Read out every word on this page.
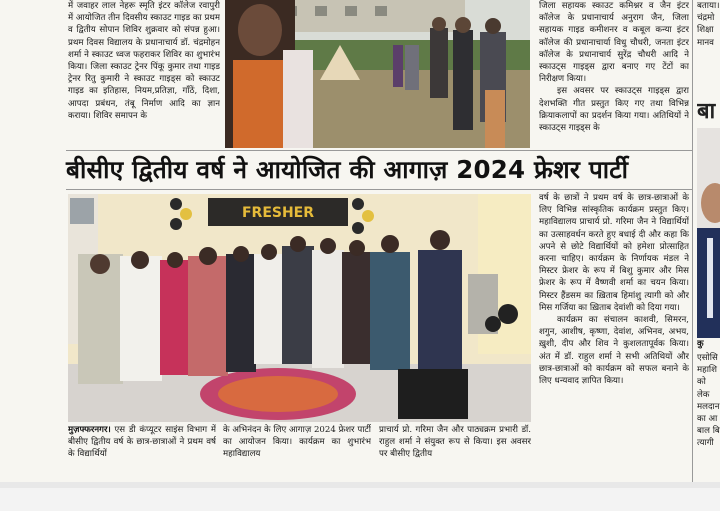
में जवाहर लाल नेहरू स्मृति इंटर कॉलेज रवापुरी में आयोजित तीन दिवसीय स्काउट गाइड का प्रथम व द्वितीय सोपान शिविर शुक्रवार को संपन्न हुआ। प्रथम दिवस विद्यालय के प्रधानाचार्य डॉ. चंद्रमोहन शर्मा ने स्काउट ध्वज फहराकर शिविर का शुभारंभ किया। जिला स्काउट ट्रेनर पिंकू कुमार तथा गाइड ट्रेनर रितु कुमारी ने स्काउट गाइड्स को स्काउट गाइड का इतिहास, नियम,प्रतिज्ञा, गाँठें, दिशा, आपदा प्रबंधन, तंबू निर्माण आदि का ज्ञान कराया। शिविर समापन के

जिला सहायक स्काउट कमिश्नर व जैन इंटर कॉलेज के प्रधानाचार्य अनुराग जैन, जिला सहायक गाइड कमीशनर व कबूल कन्या इंटर कॉलेज की प्रधानाचार्या विधु चौधरी, जनता इंटर कॉलेज के प्रधानाचार्य सुरेंद्र चौधरी आदि ने स्काउट्स गाइड्स द्वारा बनाए गए टेंटों का निरीक्षण किया।

इस अवसर पर स्काउट्स गाइड्स द्वारा देशभक्ति गीत प्रस्तुत किए गए तथा विभिन्न क्रियाकलापों का प्रदर्शन किया गया। अतिथियों ने स्काउट्स गाइड्स के

बीसीए द्वितीय वर्ष ने आयोजित की आगाज़ 2024 फ्रेशर पार्टी
FRESHER

वर्ष के छात्रों ने प्रथम वर्ष के छात्र-छात्राओं के लिए विभिन्न सांस्कृतिक कार्यक्रम प्रस्तुत किए। महाविद्यालय प्राचार्य प्रो. गरिमा जैन ने विद्यार्थियों का उत्साहवर्धन करते हुए बधाई दी और कहा कि अपने से छोटे विद्यार्थियों को हमेशा प्रोत्साहित करना चाहिए। कार्यक्रम के निर्णायक मंडल ने मिस्टर फ्रेशर के रूप में बिशु कुमार और मिस फ्रेशर के रूप में वैष्णवी शर्मा का चयन किया। मिस्टर हैंडसम का ख़िताब हिमांशु त्यागी को और मिस गर्जिया का ख़िताब देवांशी को दिया गया।

कार्यक्रम का संचालन काशवी, सिमरन, शगुन, आशीष, कृष्णा, देवांश, अभिनव, अभय, ख़ुशी, दीप और शिव ने कुशलतापूर्वक किया। अंत में डॉ. राहुल शर्मा ने सभी अतिथियों और छात्र-छात्राओं को कार्यक्रम को सफल बनाने के लिए धन्यवाद ज्ञापित किया।

मुज़फ्फरनगर। एस डी कंप्यूटर साइंस विभाग में बीसीए द्वितीय वर्ष के छात्र-छात्राओं ने प्रथम वर्ष के विद्यार्थियों

के अभिनंदन के लिए आगाज़ 2024 फ्रेशर पार्टी का आयोजन किया। कार्यक्रम का शुभारंभ महाविद्यालय

प्राचार्य प्रो. गरिमा जैन और पाठ्यक्रम प्रभारी डॉ. राहुल शर्मा ने संयुक्त रूप से किया। इस अवसर पर बीसीए द्वितीय

बताया। चंद्रमो शिक्षा मानव

बा

कु

एसोसि महाशि को लेक मलदान का आ बाल बि त्यागी
